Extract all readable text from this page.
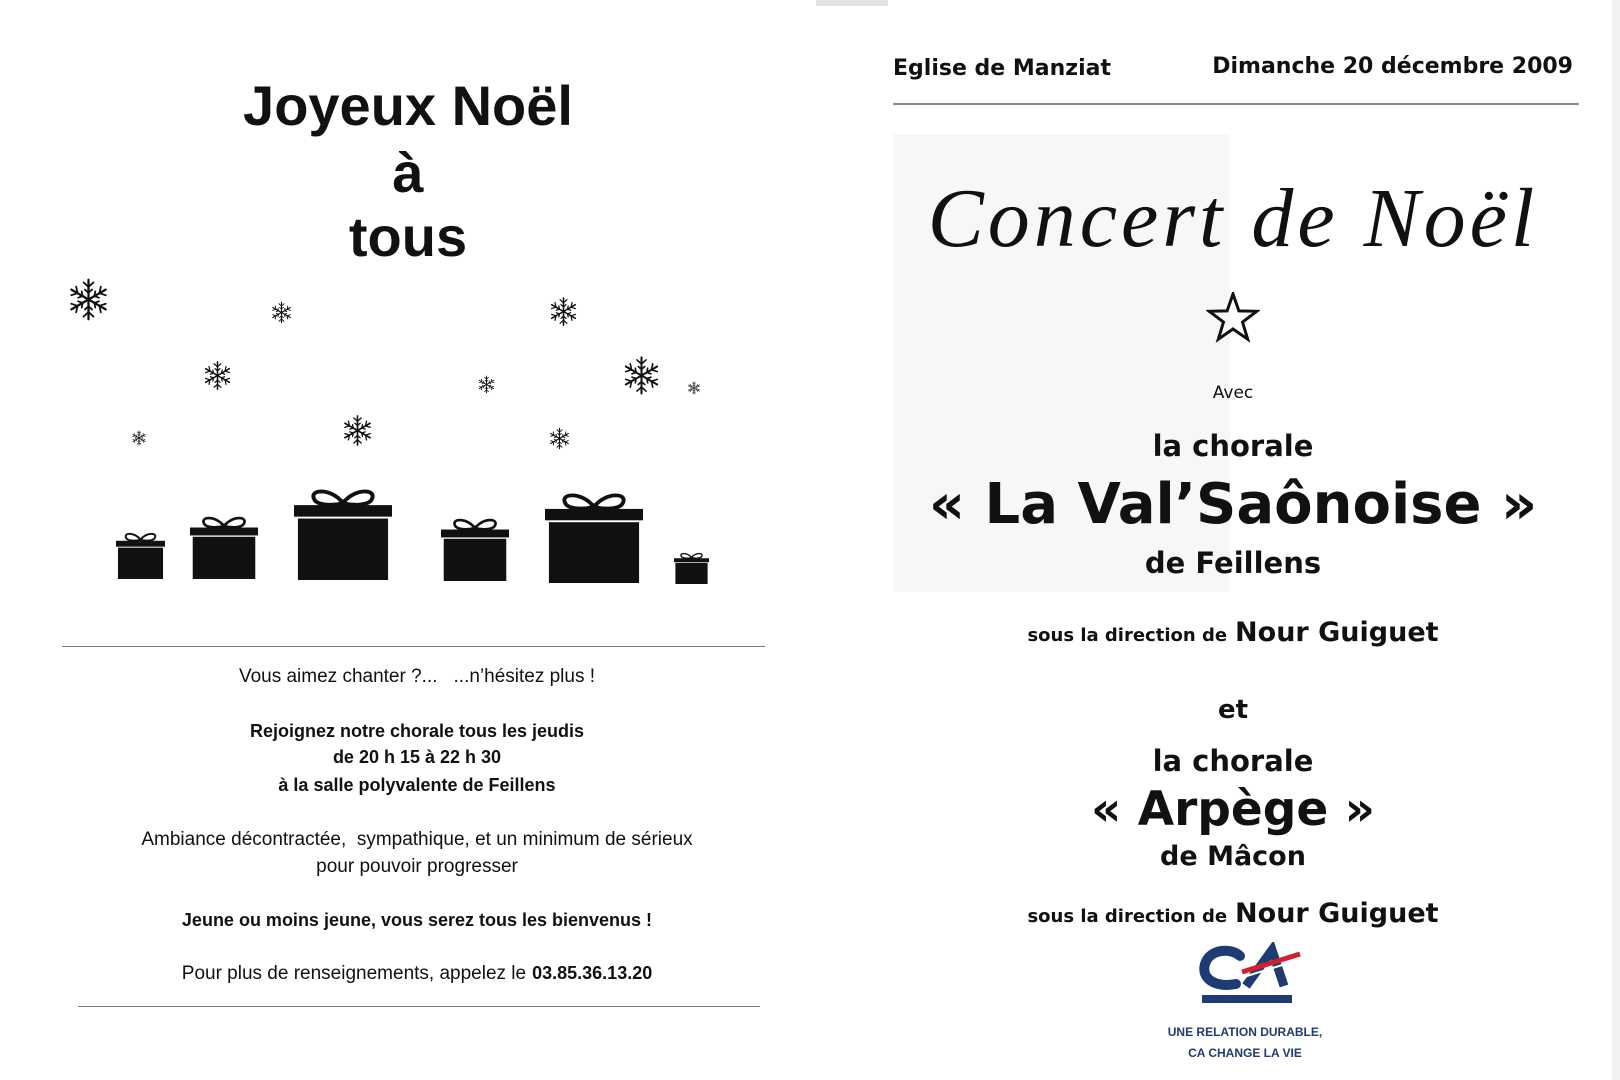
Joyeux Noël
à
tous
Vous aimez chanter ?... ...n’hésitez plus !
Rejoignez notre chorale tous les jeudis
de 20 h 15 à 22 h 30
à la salle polyvalente de Feillens
Ambiance décontractée,  sympathique, et un minimum de sérieux
pour pouvoir progresser
Jeune ou moins jeune, vous serez tous les bienvenus !
Pour plus de renseignements, appelez le 03.85.36.13.20
Eglise de Manziat	Dimanche 20 décembre 2009
Concert de Noël
Avec
la chorale
« La Val’Saônoise »
de Feillens
sous la direction de Nour Guiguet
et
la chorale
« Arpège »
de Mâcon
sous la direction de Nour Guiguet
UNE RELATION DURABLE,
CA CHANGE LA VIE
